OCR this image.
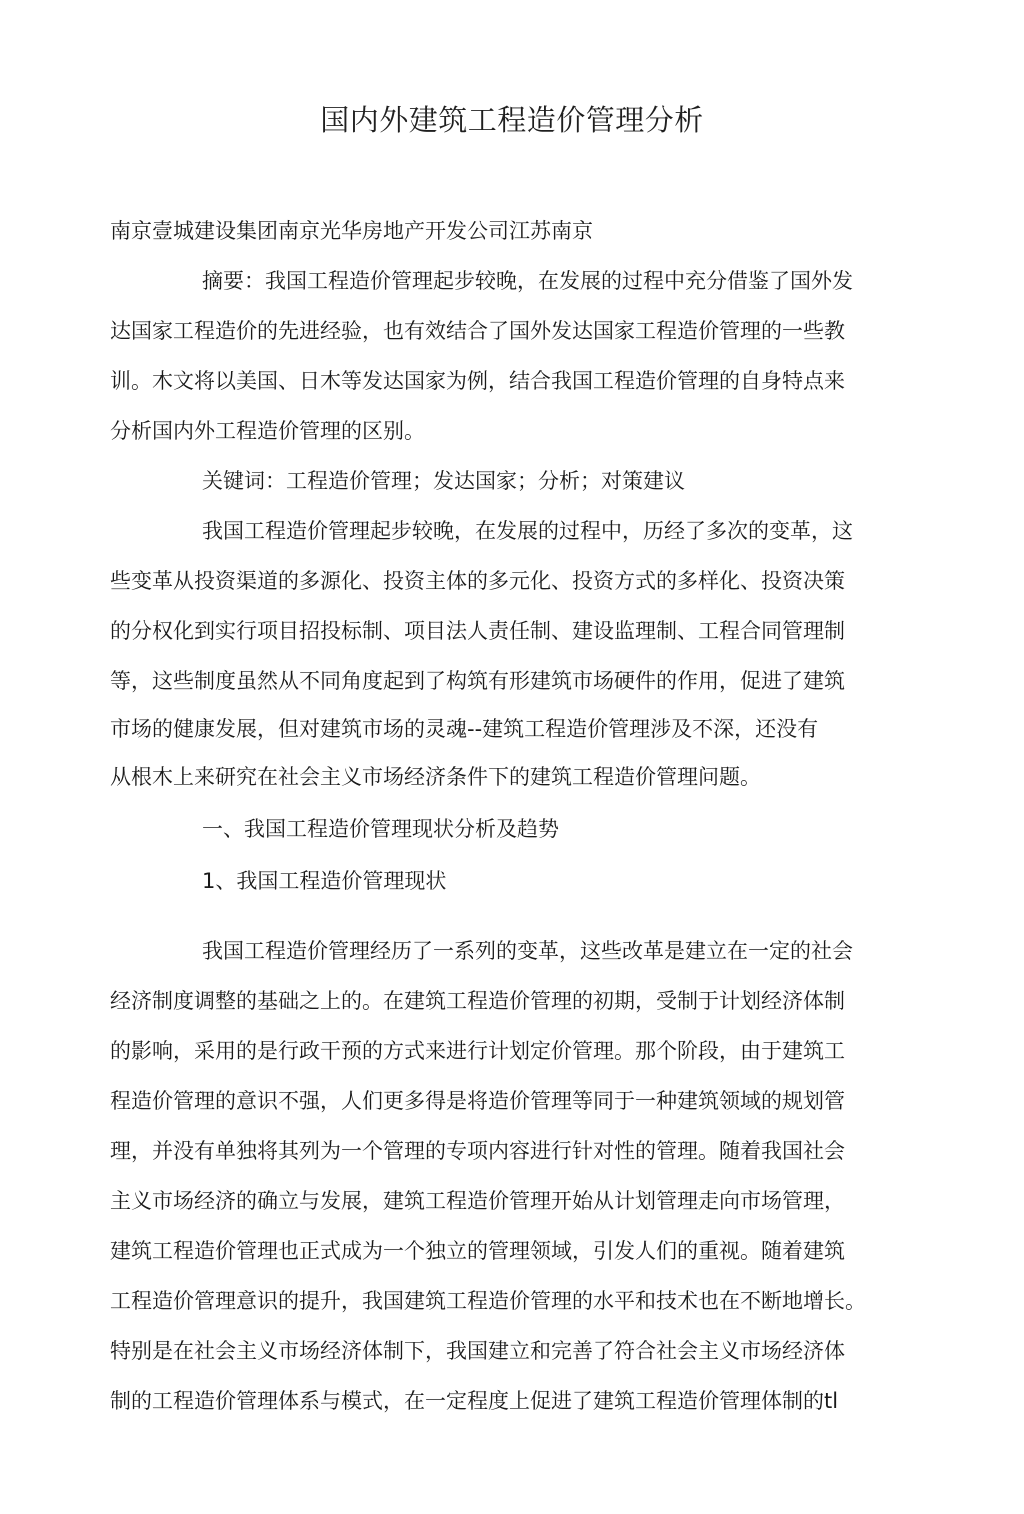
国内外建筑工程造价管理分析
南京壹城建设集团南京光华房地产开发公司江苏南京
摘要：我国工程造价管理起步较晚，在发展的过程中充分借鉴了国外发
达国家工程造价的先进经验，也有效结合了国外发达国家工程造价管理的一些教
训。木文将以美国、日木等发达国家为例，结合我国工程造价管理的自身特点来
分析国内外工程造价管理的区别。
关键词：工程造价管理；发达国家；分析；对策建议
我国工程造价管理起步较晚，在发展的过程中，历经了多次的变革，这
些变革从投资渠道的多源化、投资主体的多元化、投资方式的多样化、投资决策
的分权化到实行项目招投标制、项目法人责任制、建设监理制、工程合同管理制
等，这些制度虽然从不同角度起到了构筑有形建筑市场硬件的作用，促进了建筑
市场的健康发展，但对建筑市场的灵魂--建筑工程造价管理涉及不深，还没有
从根木上来研究在社会主义市场经济条件下的建筑工程造价管理问题。
一、我国工程造价管理现状分析及趋势
1、我国工程造价管理现状
我国工程造价管理经历了一系列的变革，这些改革是建立在一定的社会
经济制度调整的基础之上的。在建筑工程造价管理的初期，受制于计划经济体制
的影响，采用的是行政干预的方式来进行计划定价管理。那个阶段，由于建筑工
程造价管理的意识不强，人们更多得是将造价管理等同于一种建筑领域的规划管
理，并没有单独将其列为一个管理的专项内容进行针对性的管理。随着我国社会
主义市场经济的确立与发展，建筑工程造价管理开始从计划管理走向市场管理，
建筑工程造价管理也正式成为一个独立的管理领域，引发人们的重视。随着建筑
工程造价管理意识的提升，我国建筑工程造价管理的水平和技术也在不断地增长。
特别是在社会主义市场经济体制下，我国建立和完善了符合社会主义市场经济体
制的工程造价管理体系与模式，在一定程度上促进了建筑工程造价管理体制的tl
